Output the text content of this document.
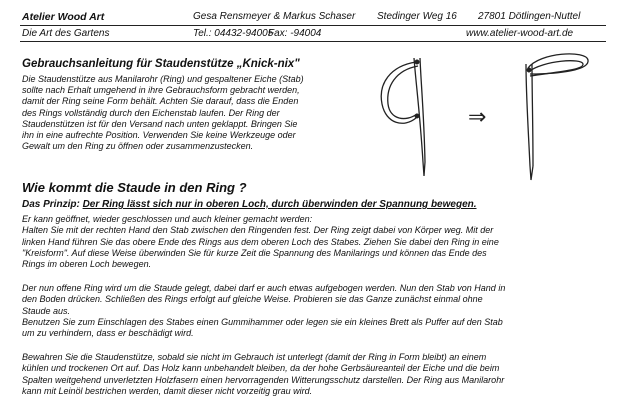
Atelier Wood Art	Gesa Rensmeyer & Markus Schaser Stedinger Weg 16 27801 Dötlingen-Nuttel
Die Art des Gartens	Tel.: 04432-94005
Fax: -94004	www.atelier-wood-art.de
Gebrauchsanleitung für Staudenstütze „Knick-nix"
Die Staudenstütze aus Manilarohr (Ring) und gespaltener Eiche (Stab)
sollte nach Erhalt umgehend in ihre Gebrauchsform gebracht werden,
damit der Ring seine Form behält. Achten Sie darauf, dass die Enden
des Rings vollständig durch den Eichenstab laufen. Der Ring der
Staudenstützen ist für den Versand nach unten geklappt. Bringen Sie
ihn in eine aufrechte Position. Verwenden Sie keine Werkzeuge oder
Gewalt um den Ring zu öffnen oder zusammenzustecken.
⇒
Wie kommt die Staude in den Ring ?
Das Prinzip: Der Ring lässt sich nur in oberen Loch, durch überwinden der Spannung bewegen.
Er kann geöffnet, wieder geschlossen und auch kleiner gemacht werden:
Halten Sie mit der rechten Hand den Stab zwischen den Ringenden fest. Der Ring zeigt dabei von Körper weg. Mit der
linken Hand führen Sie das obere Ende des Rings aus dem oberen Loch des Stabes. Ziehen Sie dabei den Ring in eine
"Kreisform". Auf diese Weise überwinden Sie für kurze Zeit die Spannung des Manilarings und können das Ende des
Rings im oberen Loch bewegen.
Der nun offene Ring wird um die Staude gelegt, dabei darf er auch etwas aufgebogen werden. Nun den Stab von Hand in
den Boden drücken. Schließen des Rings erfolgt auf gleiche Weise. Probieren sie das Ganze zunächst einmal ohne
Staude aus.
Benutzen Sie zum Einschlagen des Stabes einen Gummihammer oder legen sie ein kleines Brett als Puffer auf den Stab
um zu verhindern, dass er beschädigt wird.
Bewahren Sie die Staudenstütze, sobald sie nicht im Gebrauch ist unterlegt (damit der Ring in Form bleibt) an einem
kühlen und trockenen Ort auf. Das Holz kann unbehandelt bleiben, da der hohe Gerbsäureanteil der Eiche und die beim
Spalten weitgehend unverletzten Holzfasern einen hervorragenden Witterungsschutz darstellen. Der Ring aus Manilarohr
kann mit Leinöl bestrichen werden, damit dieser nicht vorzeitig grau wird.
